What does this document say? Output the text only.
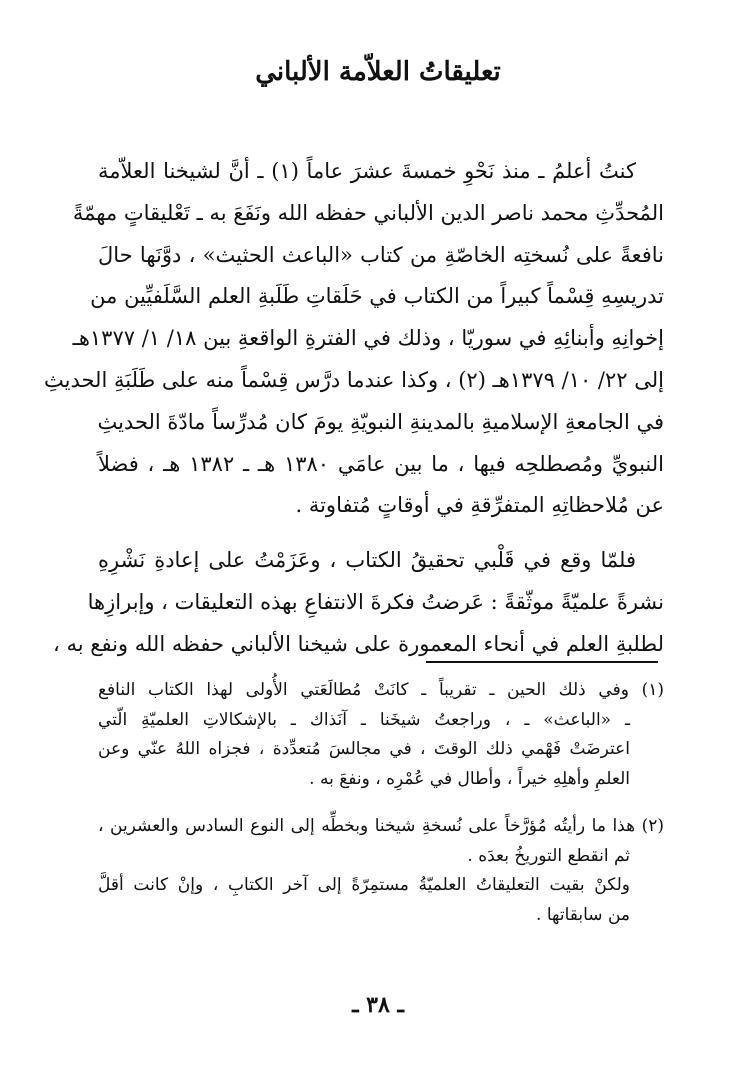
تعليقاتُ العلاّمة الألباني
كنتُ أعلمُ ـ منذ نَحْوِ خمسةَ عشرَ عاماً (١) ـ أنَّ لشيخنا العلاّمة
المُحدِّثِ محمد ناصر الدين الألباني حفظه الله ونَفَعَ به ـ تَعْليقاتٍ مهمّةً
نافعةً على نُسختِه الخاصّةِ من كتاب «الباعث الحثيث» ، دوَّنَها حالَ
تدريسِهِ قِسْماً كبيراً من الكتاب في حَلَقاتِ طَلَبةِ العلم السَّلَفيِّين من
إخوانِهِ وأبنائِهِ في سوريّا ، وذلك في الفترةِ الواقعةِ بين ١٨/ ١/ ١٣٧٧هـ
إلى ٢٢/ ١٠/ ١٣٧٩هـ (٢) ، وكذا عندما درَّس قِسْماً منه على طَلَبَةِ الحديثِ
في الجامعةِ الإسلاميةِ بالمدينةِ النبويّةِ يومَ كان مُدرِّساً مادّةَ الحديثِ
النبويِّ ومُصطلحِه فيها ، ما بين عامَي ١٣٨٠ هـ ـ ١٣٨٢ هـ ، فضلاً
عن مُلاحظاتِهِ المتفرِّقةِ في أوقاتٍ مُتفاوتة .
فلمّا وقع في قَلْبي تحقيقُ الكتاب ، وعَزَمْتُ على إعادةِ نَشْرِهِ
نشرةً علميّةً موثّقةً : عَرضتُ فكرةَ الانتفاعِ بهذه التعليقات ، وإبرازِها
لطلبةِ العلم في أنحاء المعمورة على شيخنا الألباني حفظه الله ونفع به ،
(١) وفي ذلك الحين ـ تقريباً ـ كانَتْ مُطالَعَتي الأُولى لهذا الكتاب النافع
ـ «الباعث» ـ ، وراجعتُ شيخَنا ـ آنَذاك ـ بالإشكالاتِ العلميّةِ الّتي
اعترضَتْ فَهْمي ذلك الوقتَ ، في مجالسَ مُتعدِّدة ، فجزاه اللهُ عنّي وعن
العلمِ وأهلِهِ خيراً ، وأطال في عُمْرِه ، ونفعَ به .
(٢) هذا ما رأيتُه مُؤرَّخاً على نُسخةِ شيخنا وبخطِّه إلى النوع السادس والعشرين ،
ثم انقطع التوريخُ بعدَه .
ولكنْ بقيت التعليقاتُ العلميّةُ مستمِرّةً إلى آخر الكتابِ ، وإنْ كانت أقلَّ
من سابقاتها .
ـ ٣٨ ـ
